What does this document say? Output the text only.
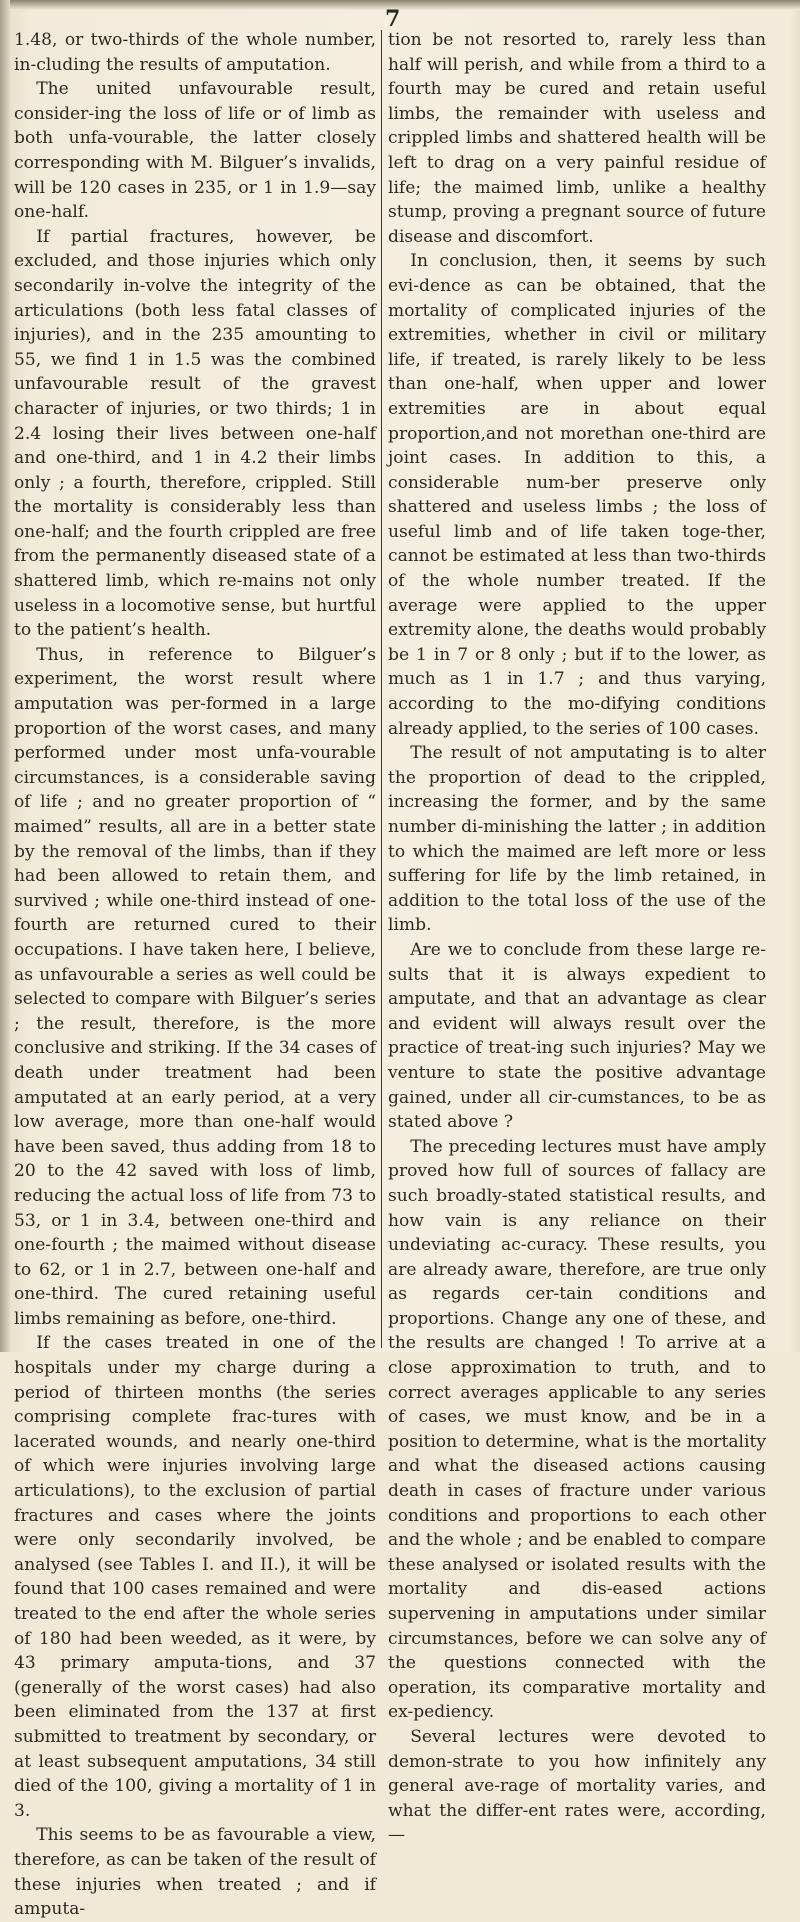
7

1.48, or two-thirds of the whole number, in-cluding the results of amputation.

The united unfavourable result, consider-ing the loss of life or of limb as both unfa-vourable, the latter closely corresponding with M. Bilguer’s invalids, will be 120 cases in 235, or 1 in 1.9—say one-half.

If partial fractures, however, be excluded, and those injuries which only secondarily in-volve the integrity of the articulations (both less fatal classes of injuries), and in the 235 amounting to 55, we find 1 in 1.5 was the combined unfavourable result of the gravest character of injuries, or two thirds; 1 in 2.4 losing their lives between one-half and one-third, and 1 in 4.2 their limbs only ; a fourth, therefore, crippled. Still the mortality is considerably less than one-half; and the fourth crippled are free from the permanently diseased state of a shattered limb, which re-mains not only useless in a locomotive sense, but hurtful to the patient’s health.

Thus, in reference to Bilguer’s experiment, the worst result where amputation was per-formed in a large proportion of the worst cases, and many performed under most unfa-vourable circumstances, is a considerable saving of life ; and no greater proportion of “ maimed” results, all are in a better state by the removal of the limbs, than if they had been allowed to retain them, and survived ; while one-third instead of one-fourth are returned cured to their occupations. I have taken here, I believe, as unfavourable a series as well could be selected to compare with Bilguer’s series ; the result, therefore, is the more conclusive and striking. If the 34 cases of death under treatment had been amputated at an early period, at a very low average, more than one-half would have been saved, thus adding from 18 to 20 to the 42 saved with loss of limb, reducing the actual loss of life from 73 to 53, or 1 in 3.4, between one-third and one-fourth ; the maimed without disease to 62, or 1 in 2.7, between one-half and one-third. The cured retaining useful limbs remaining as before, one-third.

If the cases treated in one of the hospitals under my charge during a period of thirteen months (the series comprising complete frac-tures with lacerated wounds, and nearly one-third of which were injuries involving large articulations), to the exclusion of partial fractures and cases where the joints were only secondarily involved, be analysed (see Tables I. and II.), it will be found that 100 cases remained and were treated to the end after the whole series of 180 had been weeded, as it were, by 43 primary amputa-tions, and 37 (generally of the worst cases) had also been eliminated from the 137 at first submitted to treatment by secondary, or at least subsequent amputations, 34 still died of the 100, giving a mortality of 1 in 3.

This seems to be as favourable a view, therefore, as can be taken of the result of these injuries when treated ; and if amputa-

tion be not resorted to, rarely less than half will perish, and while from a third to a fourth may be cured and retain useful limbs, the remainder with useless and crippled limbs and shattered health will be left to drag on a very painful residue of life; the maimed limb, unlike a healthy stump, proving a pregnant source of future disease and discomfort.

In conclusion, then, it seems by such evi-dence as can be obtained, that the mortality of complicated injuries of the extremities, whether in civil or military life, if treated, is rarely likely to be less than one-half, when upper and lower extremities are in about equal proportion,and not morethan one-third are joint cases. In addition to this, a considerable num-ber preserve only shattered and useless limbs ; the loss of useful limb and of life taken toge-ther, cannot be estimated at less than two-thirds of the whole number treated. If the average were applied to the upper extremity alone, the deaths would probably be 1 in 7 or 8 only ; but if to the lower, as much as 1 in 1.7 ; and thus varying, according to the mo-difying conditions already applied, to the series of 100 cases.

The result of not amputating is to alter the proportion of dead to the crippled, increasing the former, and by the same number di-minishing the latter ; in addition to which the maimed are left more or less suffering for life by the limb retained, in addition to the total loss of the use of the limb.

Are we to conclude from these large re-sults that it is always expedient to amputate, and that an advantage as clear and evident will always result over the practice of treat-ing such injuries? May we venture to state the positive advantage gained, under all cir-cumstances, to be as stated above ?

The preceding lectures must have amply proved how full of sources of fallacy are such broadly-stated statistical results, and how vain is any reliance on their undeviating ac-curacy. These results, you are already aware, therefore, are true only as regards cer-tain conditions and proportions. Change any one of these, and the results are changed ! To arrive at a close approximation to truth, and to correct averages applicable to any series of cases, we must know, and be in a position to determine, what is the mortality and what the diseased actions causing death in cases of fracture under various conditions and proportions to each other and the whole ; and be enabled to compare these analysed or isolated results with the mortality and dis-eased actions supervening in amputations under similar circumstances, before we can solve any of the questions connected with the operation, its comparative mortality and ex-pediency.

Several lectures were devoted to demon-strate to you how infinitely any general ave-rage of mortality varies, and what the differ-ent rates were, according,—
